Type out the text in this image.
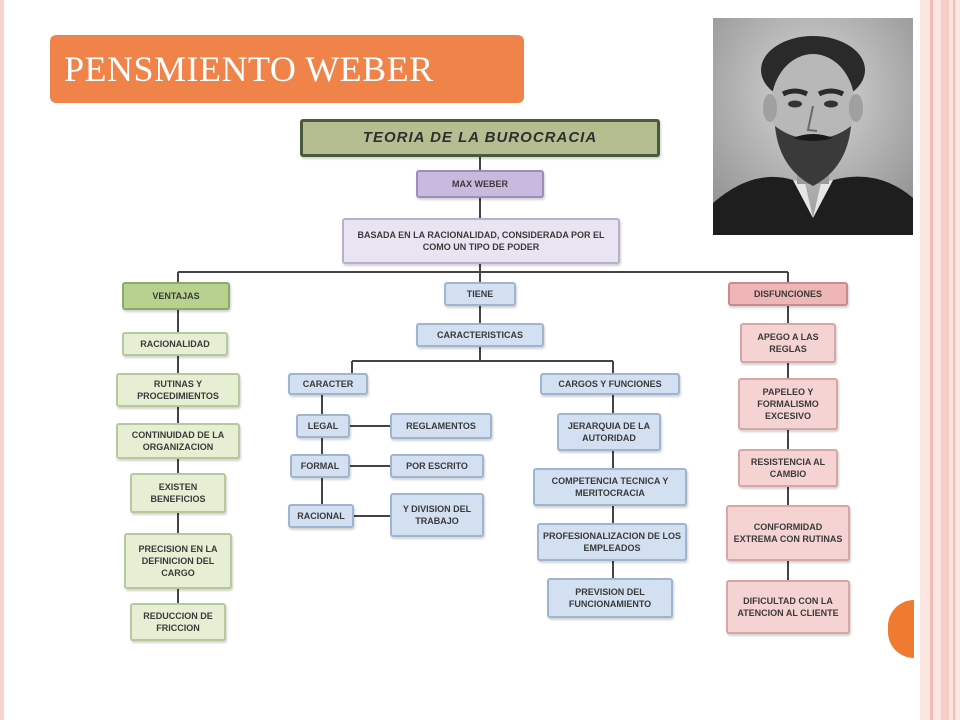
PENSMIENTO WEBER
TEORIA DE LA BUROCRACIA
MAX WEBER
BASADA EN LA RACIONALIDAD, CONSIDERADA POR EL COMO UN TIPO DE PODER
VENTAJAS
RACIONALIDAD
RUTINAS Y PROCEDIMIENTOS
CONTINUIDAD DE LA ORGANIZACION
EXISTEN BENEFICIOS
PRECISION EN LA DEFINICION DEL CARGO
REDUCCION DE FRICCION
TIENE
CARACTERISTICAS
CARACTER
LEGAL
FORMAL
RACIONAL
REGLAMENTOS
POR ESCRITO
Y DIVISION DEL TRABAJO
CARGOS Y FUNCIONES
JERARQUIA DE LA AUTORIDAD
COMPETENCIA TECNICA Y MERITOCRACIA
PROFESIONALIZACION DE LOS EMPLEADOS
PREVISION DEL FUNCIONAMIENTO
DISFUNCIONES
APEGO A LAS REGLAS
PAPELEO Y FORMALISMO EXCESIVO
RESISTENCIA AL CAMBIO
CONFORMIDAD EXTREMA CON RUTINAS
DIFICULTAD CON LA ATENCION AL CLIENTE
